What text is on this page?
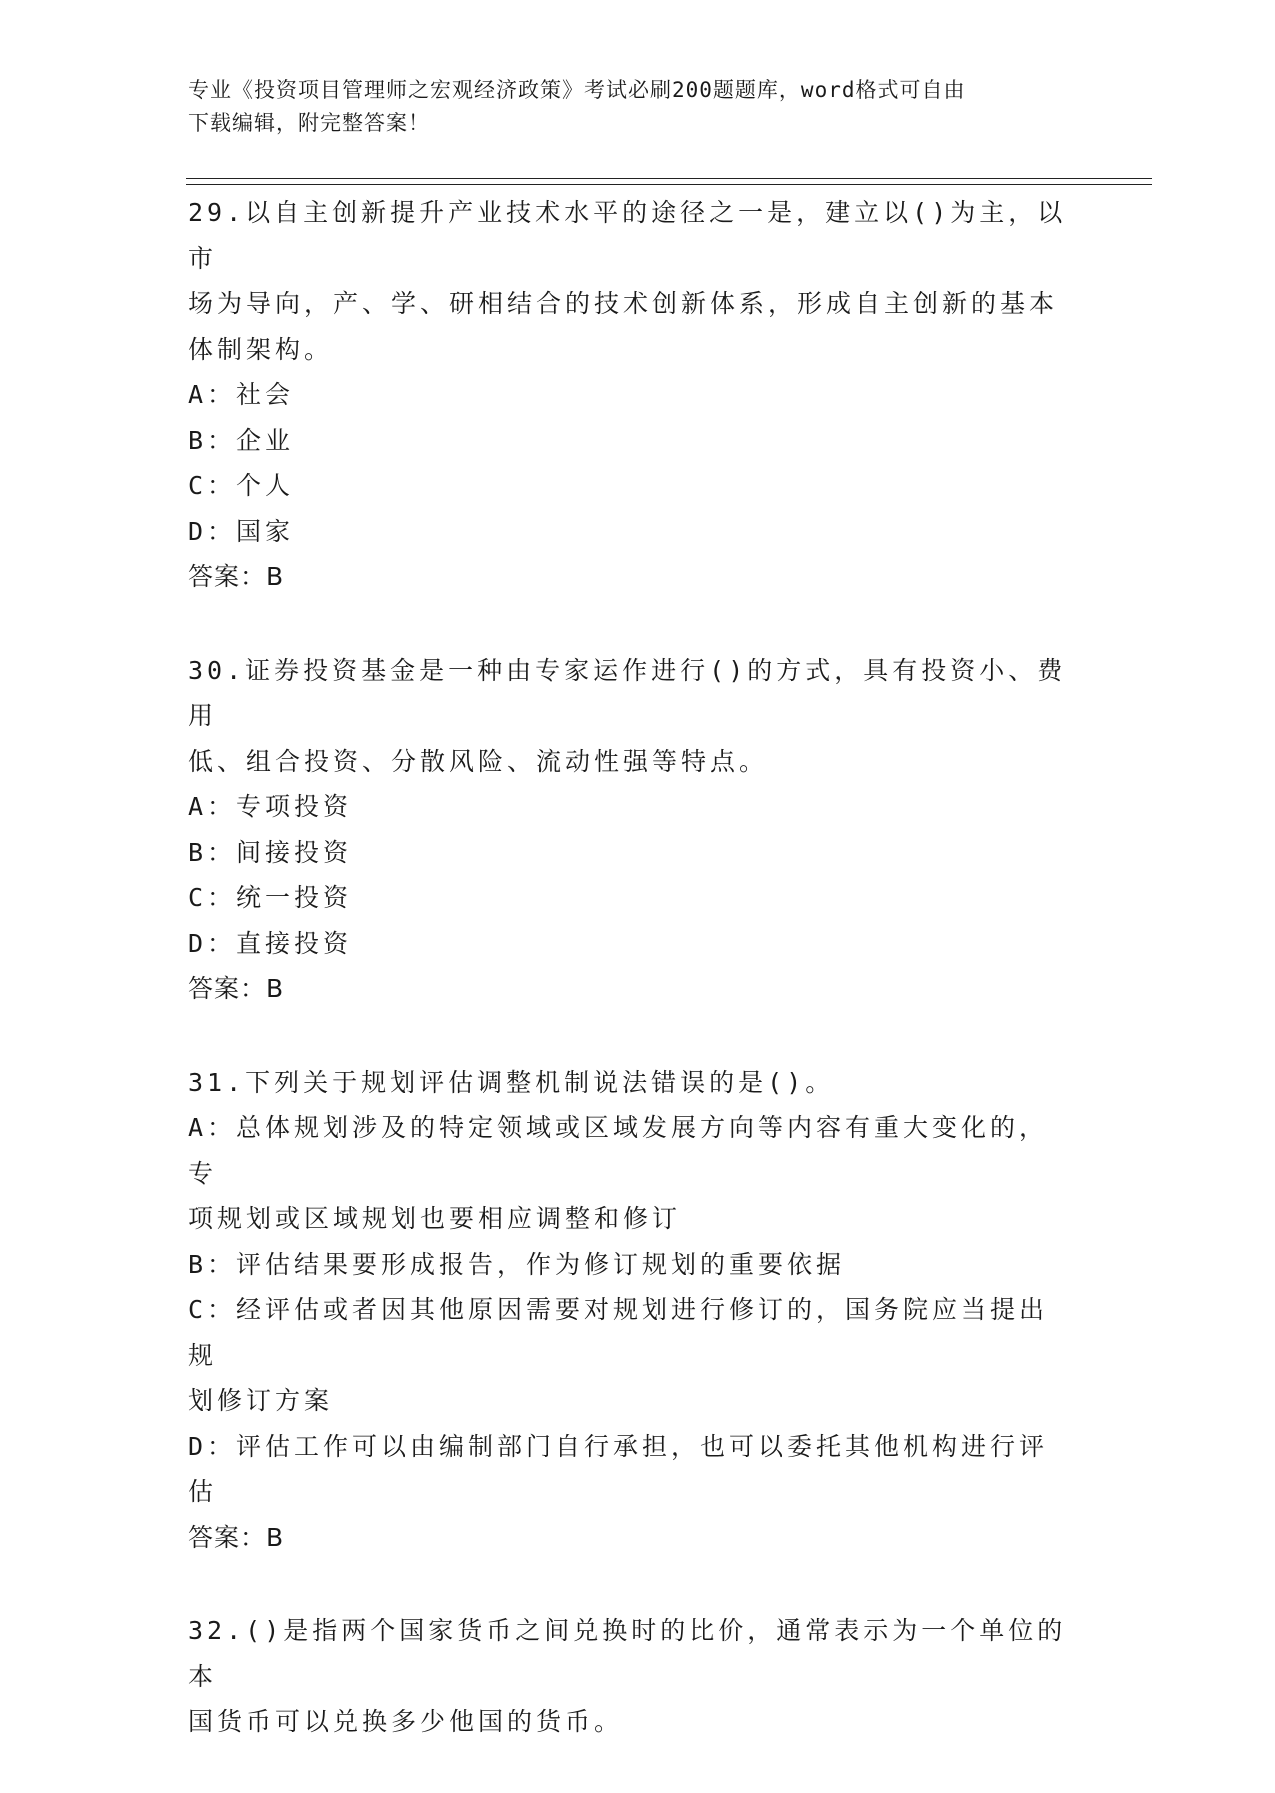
专业《投资项目管理师之宏观经济政策》考试必刷200题题库，word格式可自由
下载编辑，附完整答案！
29.以自主创新提升产业技术水平的途径之一是，建立以()为主，以市
场为导向，产、学、研相结合的技术创新体系，形成自主创新的基本
体制架构。
A：社会
B：企业
C：个人
D：国家
答案：B
30.证券投资基金是一种由专家运作进行()的方式，具有投资小、费用
低、组合投资、分散风险、流动性强等特点。
A：专项投资
B：间接投资
C：统一投资
D：直接投资
答案：B
31.下列关于规划评估调整机制说法错误的是()。
A：总体规划涉及的特定领域或区域发展方向等内容有重大变化的，专
项规划或区域规划也要相应调整和修订
B：评估结果要形成报告，作为修订规划的重要依据
C：经评估或者因其他原因需要对规划进行修订的，国务院应当提出规
划修订方案
D：评估工作可以由编制部门自行承担，也可以委托其他机构进行评估
答案：B
32.()是指两个国家货币之间兑换时的比价，通常表示为一个单位的本
国货币可以兑换多少他国的货币。
